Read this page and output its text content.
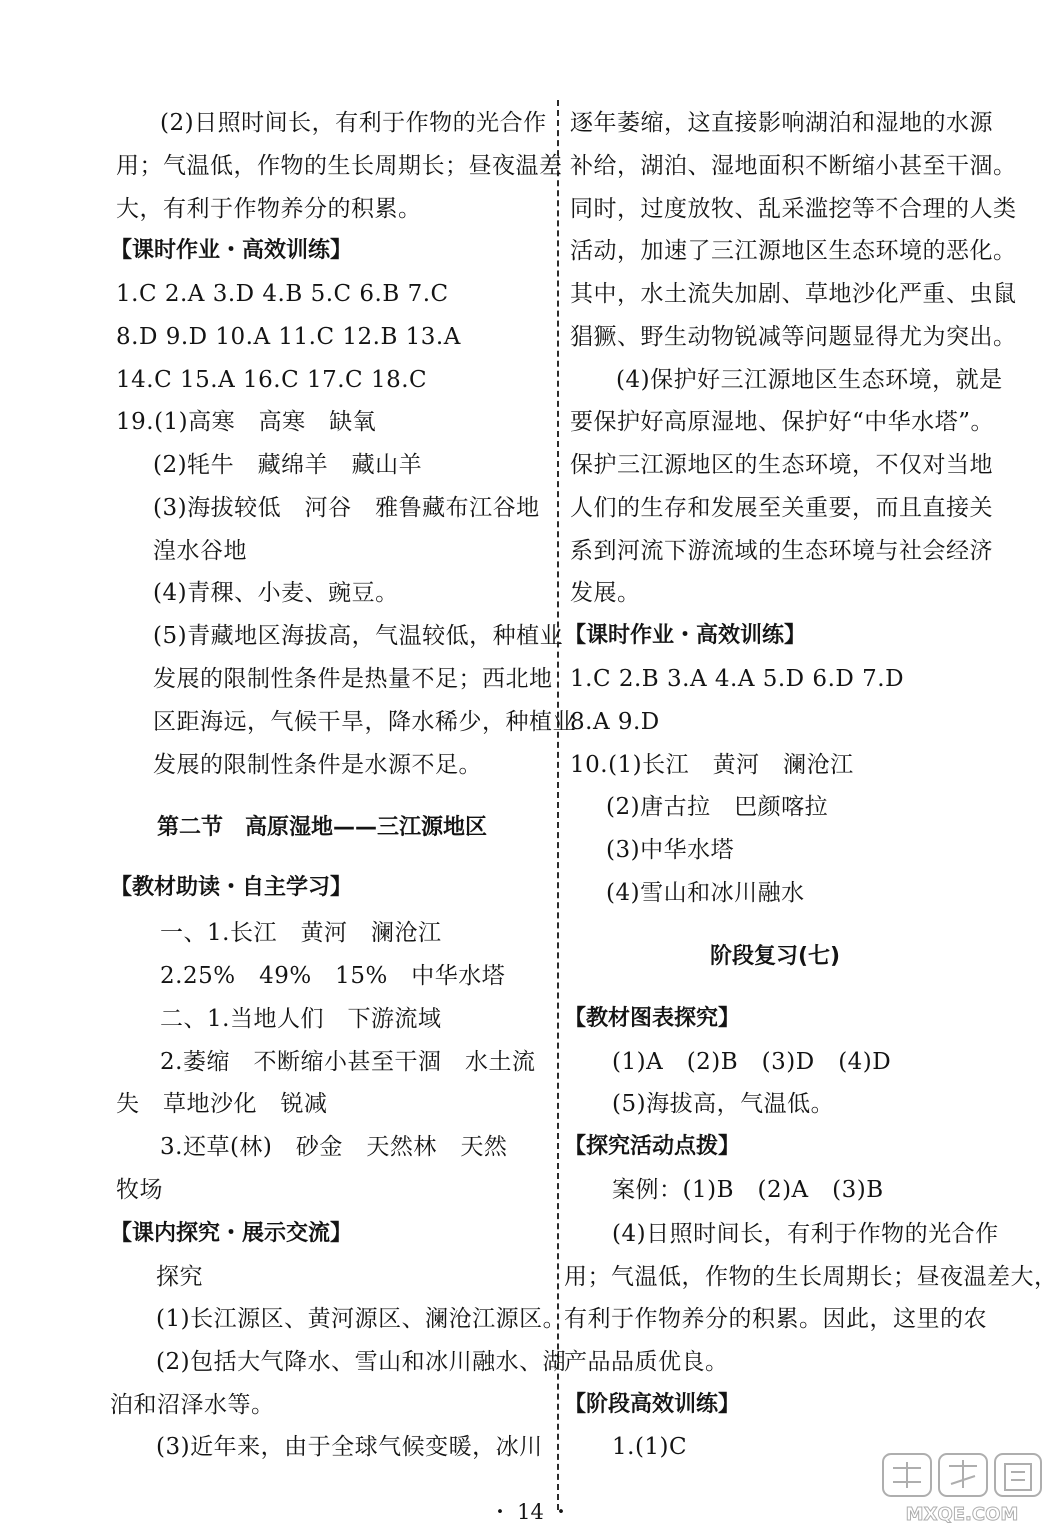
(2)日照时间长，有利于作物的光合作
用；气温低，作物的生长周期长；昼夜温差
大，有利于作物养分的积累。
【课时作业・高效训练】
1.C 2.A 3.D 4.B 5.C 6.B 7.C
8.D 9.D 10.A 11.C 12.B 13.A
14.C 15.A 16.C 17.C 18.C
19.(1)高寒　高寒　缺氧
(2)牦牛　藏绵羊　藏山羊
(3)海拔较低　河谷　雅鲁藏布江谷地
湟水谷地
(4)青稞、小麦、豌豆。
(5)青藏地区海拔高，气温较低，种植业
发展的限制性条件是热量不足；西北地
区距海远，气候干旱，降水稀少，种植业
发展的限制性条件是水源不足。
第二节　高原湿地——三江源地区
【教材助读・自主学习】
一、1.长江　黄河　澜沧江
2.25%　49%　15%　中华水塔
二、1.当地人们　下游流域
2.萎缩　不断缩小甚至干涸　水土流
失　草地沙化　锐减
3.还草(林)　砂金　天然林　天然
牧场
【课内探究・展示交流】
探究
(1)长江源区、黄河源区、澜沧江源区。
(2)包括大气降水、雪山和冰川融水、湖
泊和沼泽水等。
(3)近年来，由于全球气候变暖，冰川
逐年萎缩，这直接影响湖泊和湿地的水源
补给，湖泊、湿地面积不断缩小甚至干涸。
同时，过度放牧、乱采滥挖等不合理的人类
活动，加速了三江源地区生态环境的恶化。
其中，水土流失加剧、草地沙化严重、虫鼠
猖獗、野生动物锐减等问题显得尤为突出。
(4)保护好三江源地区生态环境，就是
要保护好高原湿地、保护好“中华水塔”。
保护三江源地区的生态环境，不仅对当地
人们的生存和发展至关重要，而且直接关
系到河流下游流域的生态环境与社会经济
发展。
【课时作业・高效训练】
1.C 2.B 3.A 4.A 5.D 6.D 7.D
8.A 9.D
10.(1)长江　黄河　澜沧江
(2)唐古拉　巴颜喀拉
(3)中华水塔
(4)雪山和冰川融水
阶段复习(七)
【教材图表探究】
(1)A　(2)B　(3)D　(4)D
(5)海拔高，气温低。
【探究活动点拨】
案例：(1)B　(2)A　(3)B
(4)日照时间长，有利于作物的光合作
用；气温低，作物的生长周期长；昼夜温差大，
有利于作物养分的积累。因此，这里的农
产品品质优良。
【阶段高效训练】
1.(1)C
・ 14 ・	MXQE.COM
